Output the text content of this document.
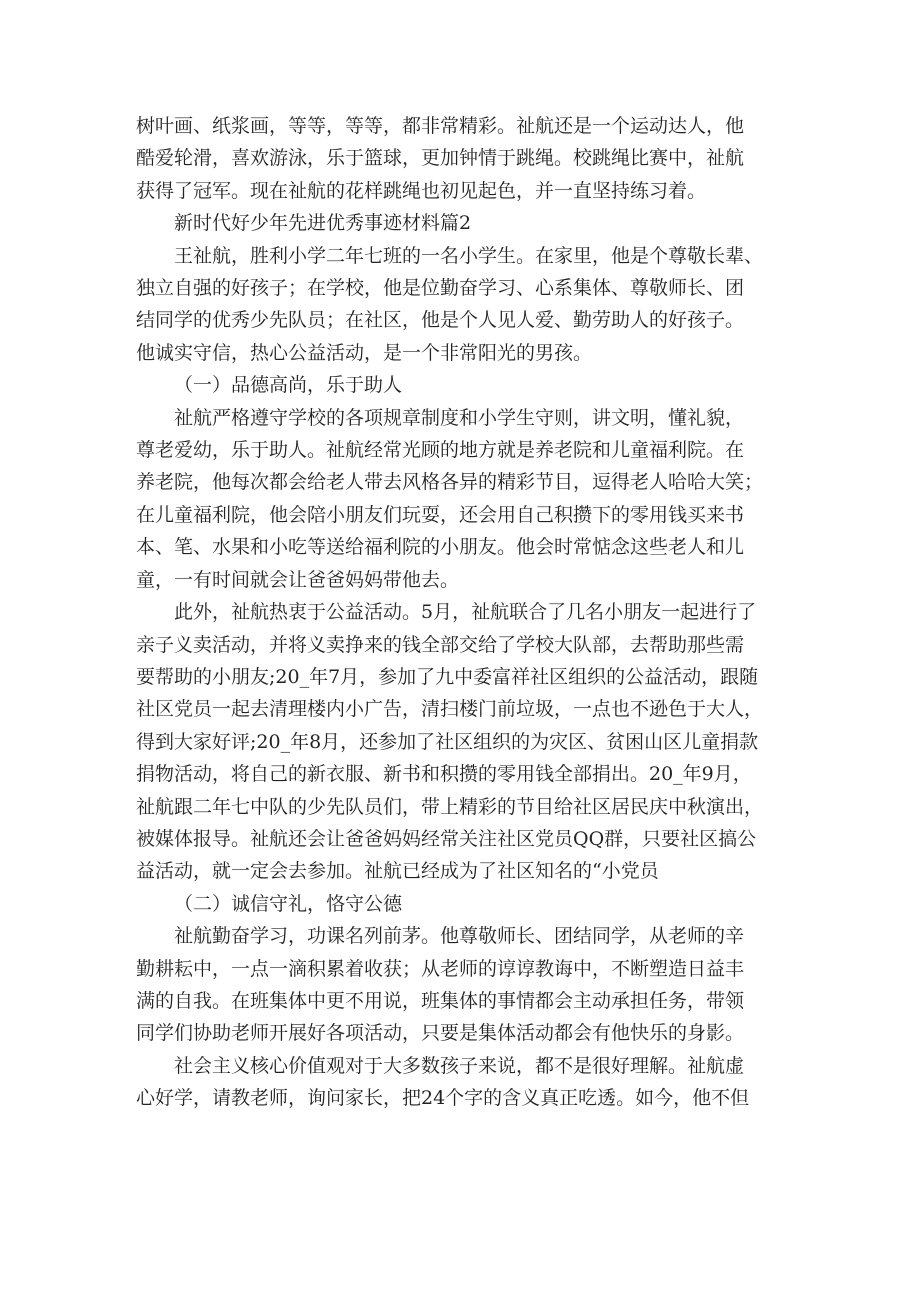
树叶画、纸浆画，等等，等等，都非常精彩。祉航还是一个运动达人，他
酷爱轮滑，喜欢游泳，乐于篮球，更加钟情于跳绳。校跳绳比赛中，祉航
获得了冠军。现在祉航的花样跳绳也初见起色，并一直坚持练习着。

新时代好少年先进优秀事迹材料篇2

王祉航，胜利小学二年七班的一名小学生。在家里，他是个尊敬长辈、
独立自强的好孩子；在学校，他是位勤奋学习、心系集体、尊敬师长、团
结同学的优秀少先队员；在社区，他是个人见人爱、勤劳助人的好孩子。
他诚实守信，热心公益活动，是一个非常阳光的男孩。

（一）品德高尚，乐于助人

祉航严格遵守学校的各项规章制度和小学生守则，讲文明，懂礼貌，
尊老爱幼，乐于助人。祉航经常光顾的地方就是养老院和儿童福利院。在
养老院，他每次都会给老人带去风格各异的精彩节目，逗得老人哈哈大笑；
在儿童福利院，他会陪小朋友们玩耍，还会用自己积攒下的零用钱买来书
本、笔、水果和小吃等送给福利院的小朋友。他会时常惦念这些老人和儿
童，一有时间就会让爸爸妈妈带他去。

此外，祉航热衷于公益活动。5月，祉航联合了几名小朋友一起进行了
亲子义卖活动，并将义卖挣来的钱全部交给了学校大队部，去帮助那些需
要帮助的小朋友;20_年7月，参加了九中委富祥社区组织的公益活动，跟随
社区党员一起去清理楼内小广告，清扫楼门前垃圾，一点也不逊色于大人，
得到大家好评;20_年8月，还参加了社区组织的为灾区、贫困山区儿童捐款
捐物活动，将自己的新衣服、新书和积攒的零用钱全部捐出。20_年9月，
祉航跟二年七中队的少先队员们，带上精彩的节目给社区居民庆中秋演出，
被媒体报导。祉航还会让爸爸妈妈经常关注社区党员QQ群，只要社区搞公
益活动，就一定会去参加。祉航已经成为了社区知名的“小党员

（二）诚信守礼，恪守公德

祉航勤奋学习，功课名列前茅。他尊敬师长、团结同学，从老师的辛
勤耕耘中，一点一滴积累着收获；从老师的谆谆教诲中，不断塑造日益丰
满的自我。在班集体中更不用说，班集体的事情都会主动承担任务，带领
同学们协助老师开展好各项活动，只要是集体活动都会有他快乐的身影。

社会主义核心价值观对于大多数孩子来说，都不是很好理解。祉航虚
心好学，请教老师，询问家长，把24个字的含义真正吃透。如今，他不但
